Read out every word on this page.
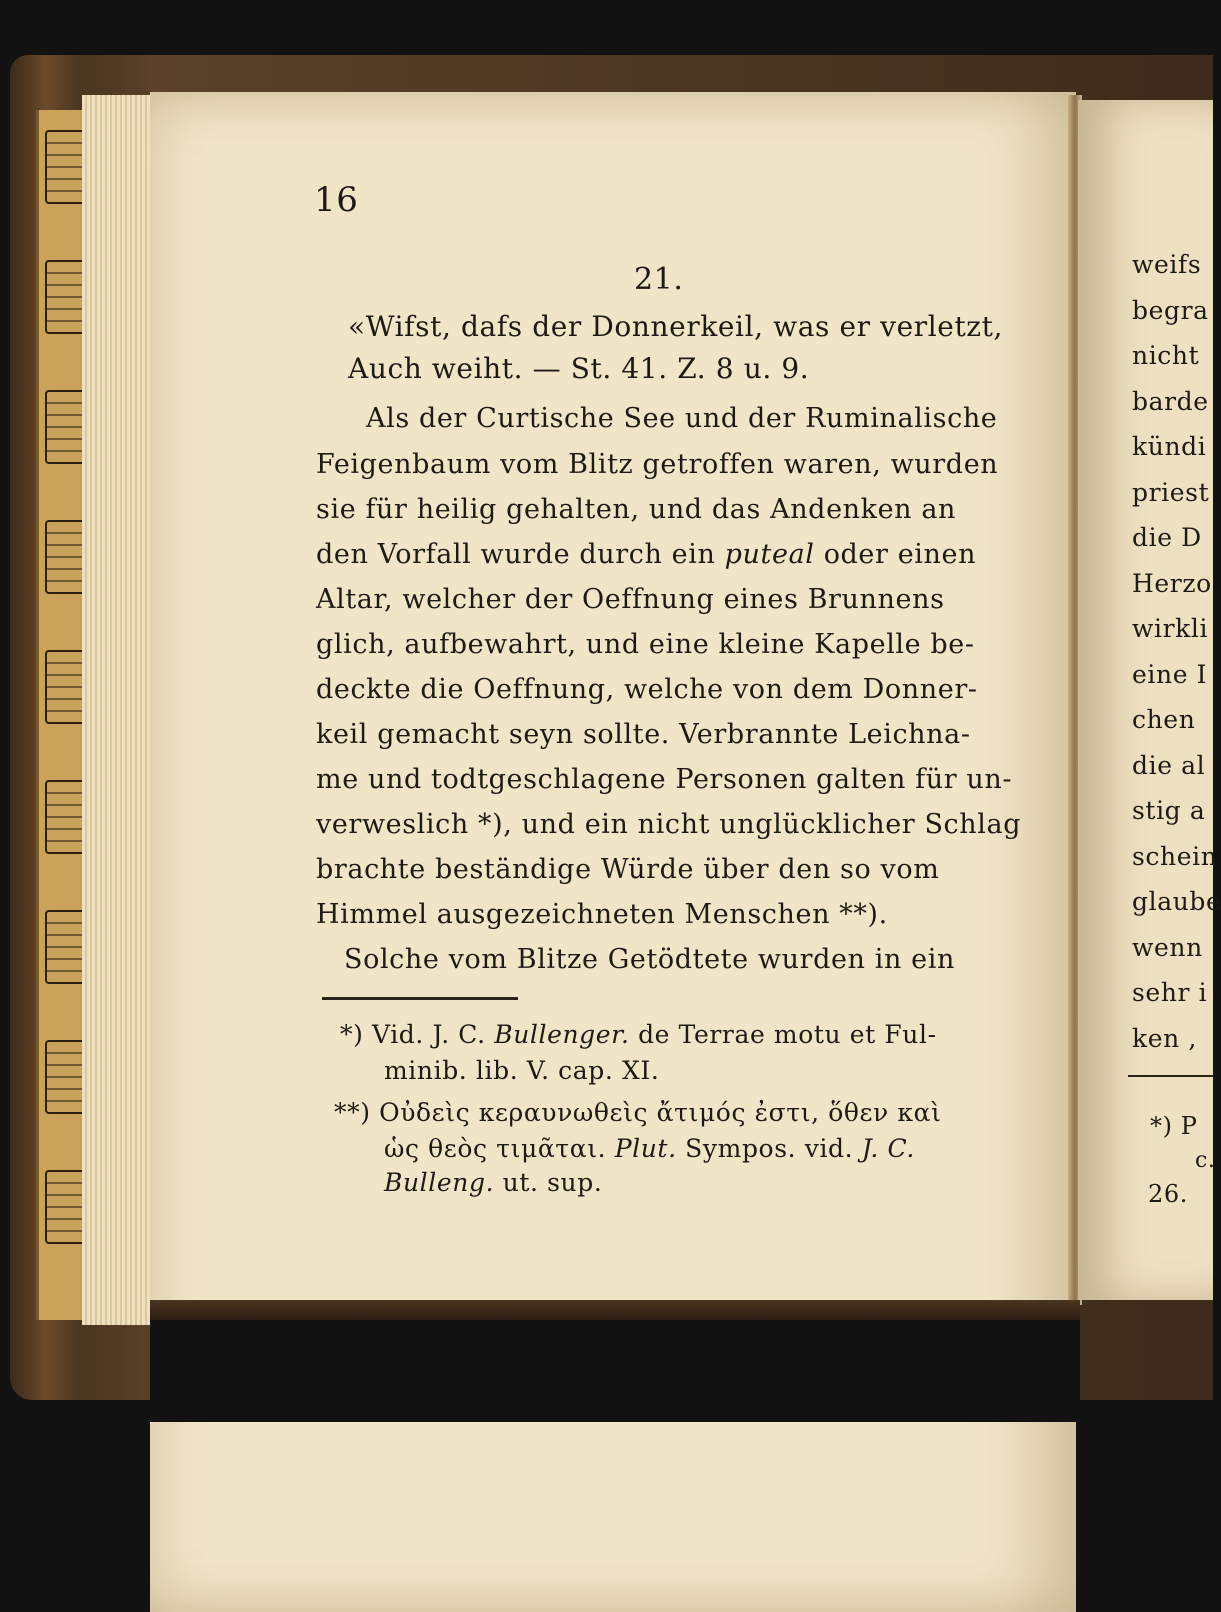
16
21.
«Wifst, dafs der Donnerkeil, was er verletzt,
Auch weiht. — St. 41. Z. 8 u. 9.
Als der Curtische See und der Ruminalische
Feigenbaum vom Blitz getroffen waren, wurden
sie für heilig gehalten, und das Andenken an
den Vorfall wurde durch ein puteal oder einen
Altar, welcher der Oeffnung eines Brunnens
glich, aufbewahrt, und eine kleine Kapelle be-
deckte die Oeffnung, welche von dem Donner-
keil gemacht seyn sollte. Verbrannte Leichna-
me und todtgeschlagene Personen galten für un-
verweslich *), und ein nicht unglücklicher Schlag
brachte beständige Würde über den so vom
Himmel ausgezeichneten Menschen **).
Solche vom Blitze Getödtete wurden in ein
*) Vid. J. C. Bullenger. de Terrae motu et Ful-
minib. lib. V. cap. XI.
**) Οὐδεὶς κεραυνωθεὶς ἄτιμός ἐστι, ὅθεν καὶ
ὡς θεὸς τιμᾶται. Plut. Sympos. vid. J. C.
Bulleng. ut. sup.
weifs
begra
nicht
barde
kündi
priest
die D
Herzo
wirkli
eine I
chen
die al
stig a
schein
glaube
wenn
sehr i
ken ,
*) P
c.
26.
